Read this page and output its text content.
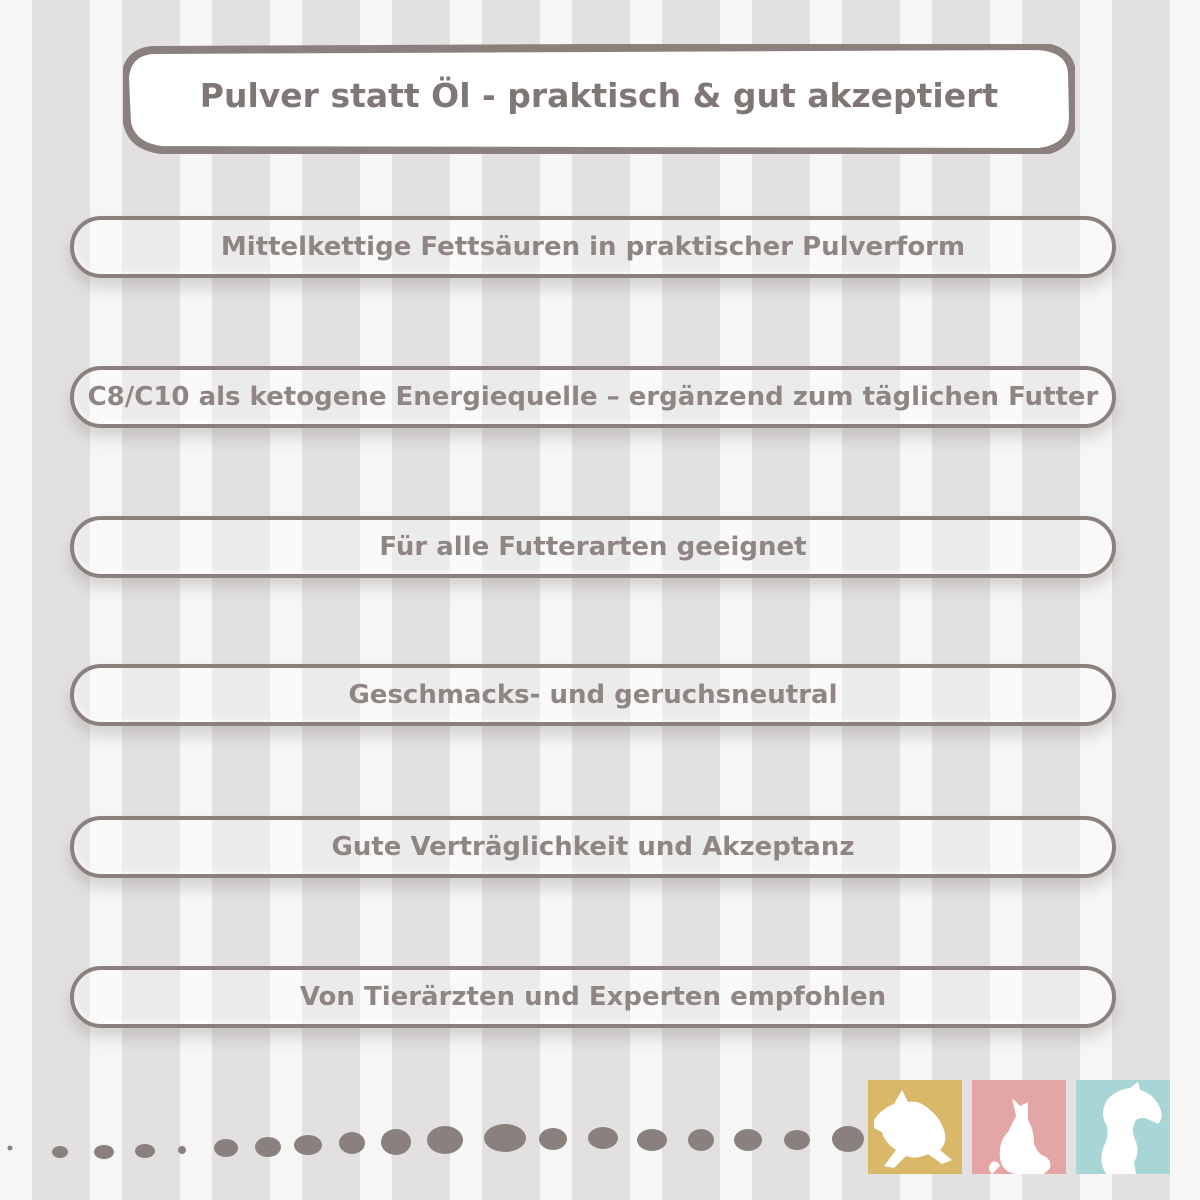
Pulver statt Öl - praktisch & gut akzeptiert
Mittelkettige Fettsäuren in praktischer Pulverform
C8/C10 als ketogene Energiequelle – ergänzend zum täglichen Futter
Für alle Futterarten geeignet
Geschmacks- und geruchsneutral
Gute Verträglichkeit und Akzeptanz
Von Tierärzten und Experten empfohlen
